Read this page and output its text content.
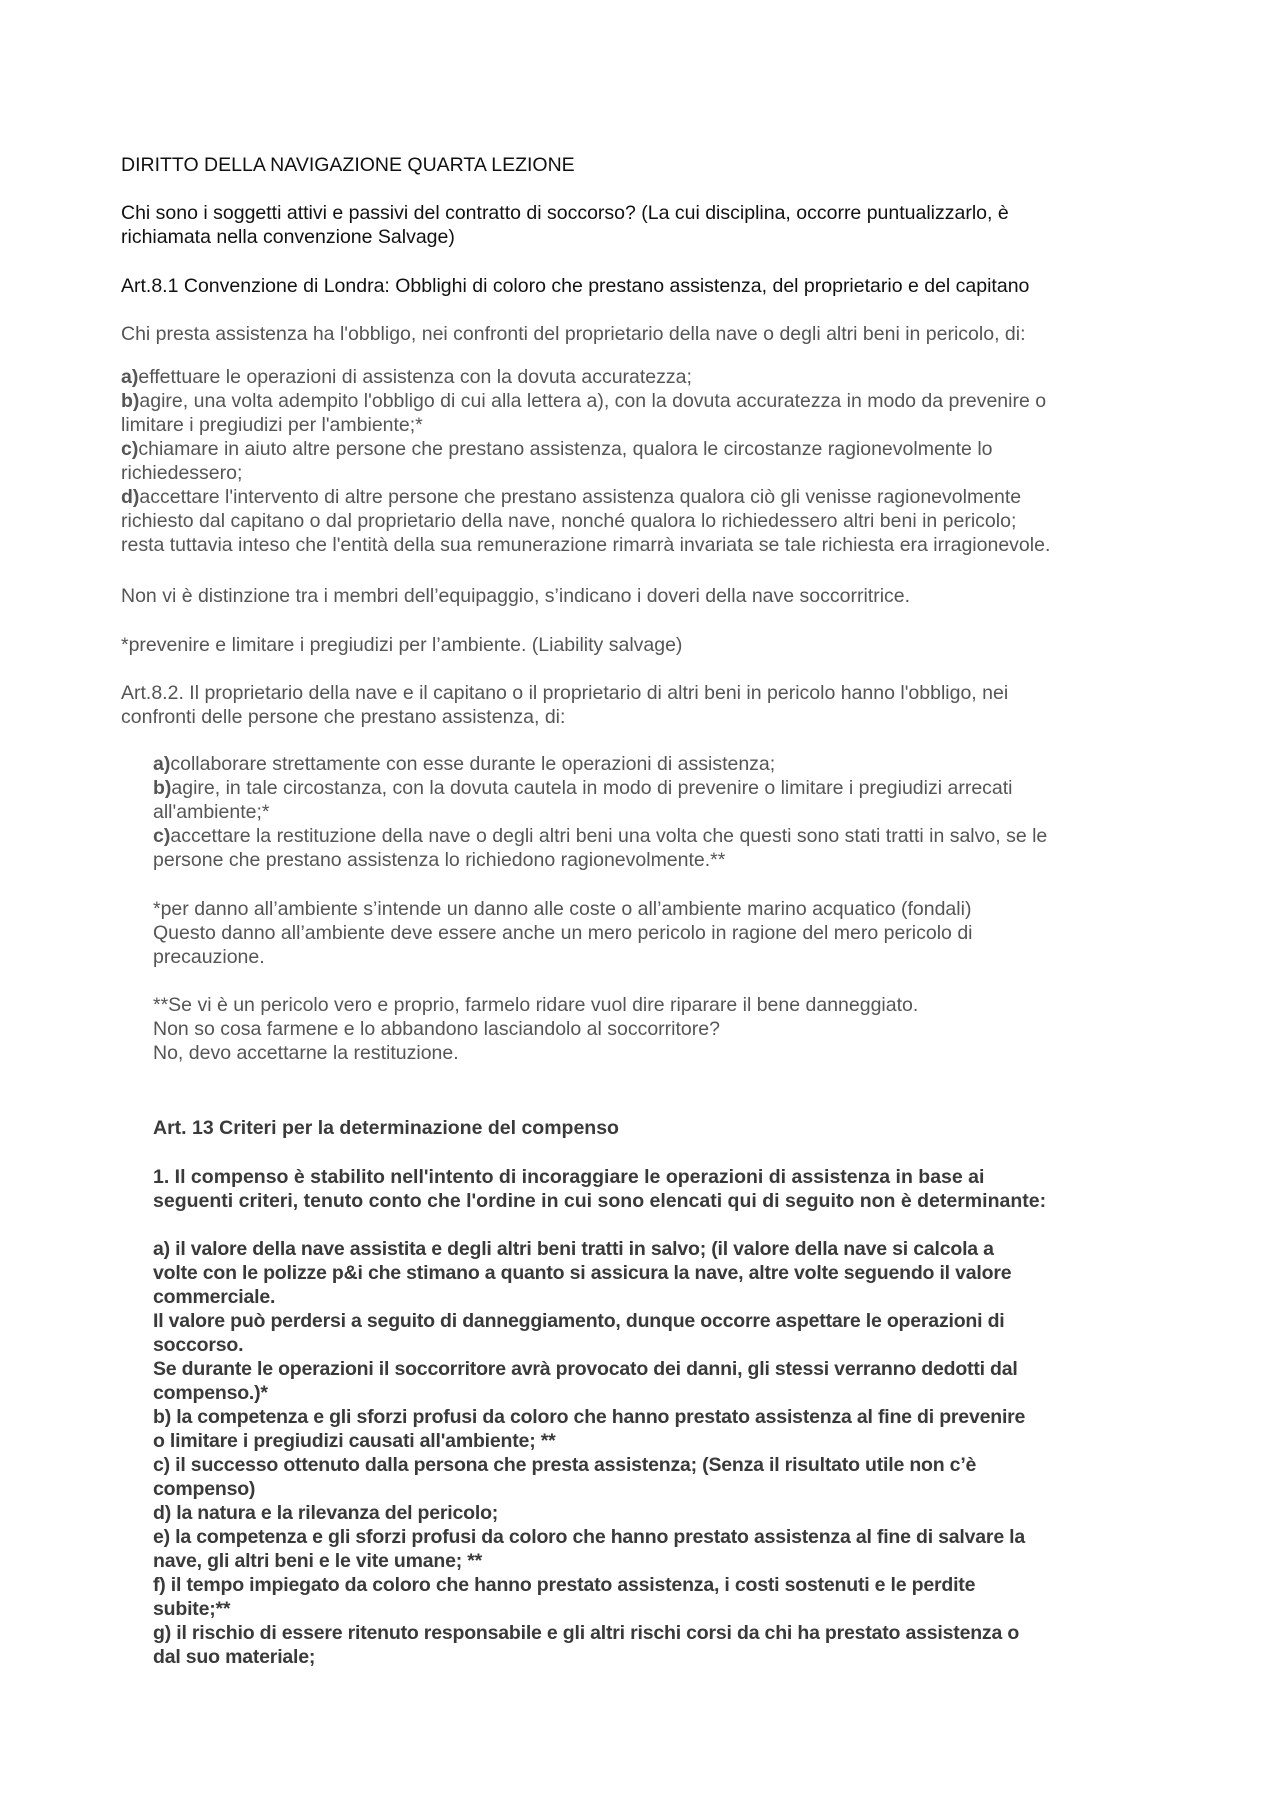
DIRITTO DELLA NAVIGAZIONE QUARTA LEZIONE

Chi sono i soggetti attivi e passivi del contratto di soccorso? (La cui disciplina, occorre puntualizzarlo, è
richiamata nella convenzione Salvage)

Art.8.1 Convenzione di Londra: Obblighi di coloro che prestano assistenza, del proprietario e del capitano

Chi presta assistenza ha l'obbligo, nei confronti del proprietario della nave o degli altri beni in pericolo, di:

a)effettuare le operazioni di assistenza con la dovuta accuratezza;
b)agire, una volta adempito l'obbligo di cui alla lettera a), con la dovuta accuratezza in modo da prevenire o
limitare i pregiudizi per l'ambiente;*
c)chiamare in aiuto altre persone che prestano assistenza, qualora le circostanze ragionevolmente lo
richiedessero;
d)accettare l'intervento di altre persone che prestano assistenza qualora ciò gli venisse ragionevolmente
richiesto dal capitano o dal proprietario della nave, nonché qualora lo richiedessero altri beni in pericolo;
resta tuttavia inteso che l'entità della sua remunerazione rimarrà invariata se tale richiesta era irragionevole.

Non vi è distinzione tra i membri dell’equipaggio, s’indicano i doveri della nave soccorritrice.

*prevenire e limitare i pregiudizi per l’ambiente. (Liability salvage)

Art.8.2. Il proprietario della nave e il capitano o il proprietario di altri beni in pericolo hanno l'obbligo, nei
confronti delle persone che prestano assistenza, di:

a)collaborare strettamente con esse durante le operazioni di assistenza;
b)agire, in tale circostanza, con la dovuta cautela in modo di prevenire o limitare i pregiudizi arrecati
all'ambiente;*
c)accettare la restituzione della nave o degli altri beni una volta che questi sono stati tratti in salvo, se le
persone che prestano assistenza lo richiedono ragionevolmente.**
*per danno all’ambiente s’intende un danno alle coste o all’ambiente marino acquatico (fondali)
Questo danno all’ambiente deve essere anche un mero pericolo in ragione del mero pericolo di
precauzione.
**Se vi è un pericolo vero e proprio, farmelo ridare vuol dire riparare il bene danneggiato.
Non so cosa farmene e lo abbandono lasciandolo al soccorritore?
No, devo accettarne la restituzione.

Art. 13 Criteri per la determinazione del compenso

1. Il compenso è stabilito nell'intento di incoraggiare le operazioni di assistenza in base ai
seguenti criteri, tenuto conto che l'ordine in cui sono elencati qui di seguito non è determinante:
a) il valore della nave assistita e degli altri beni tratti in salvo; (il valore della nave si calcola a
volte con le polizze p&i che stimano a quanto si assicura la nave, altre volte seguendo il valore
commerciale.
Il valore può perdersi a seguito di danneggiamento, dunque occorre aspettare le operazioni di
soccorso.
Se durante le operazioni il soccorritore avrà provocato dei danni, gli stessi verranno dedotti dal
compenso.)*
b) la competenza e gli sforzi profusi da coloro che hanno prestato assistenza al fine di prevenire
o limitare i pregiudizi causati all'ambiente; **
c) il successo ottenuto dalla persona che presta assistenza; (Senza il risultato utile non c’è
compenso)
d) la natura e la rilevanza del pericolo;
e) la competenza e gli sforzi profusi da coloro che hanno prestato assistenza al fine di salvare la
nave, gli altri beni e le vite umane; **
f) il tempo impiegato da coloro che hanno prestato assistenza, i costi sostenuti e le perdite
subite;**
g) il rischio di essere ritenuto responsabile e gli altri rischi corsi da chi ha prestato assistenza o
dal suo materiale;
